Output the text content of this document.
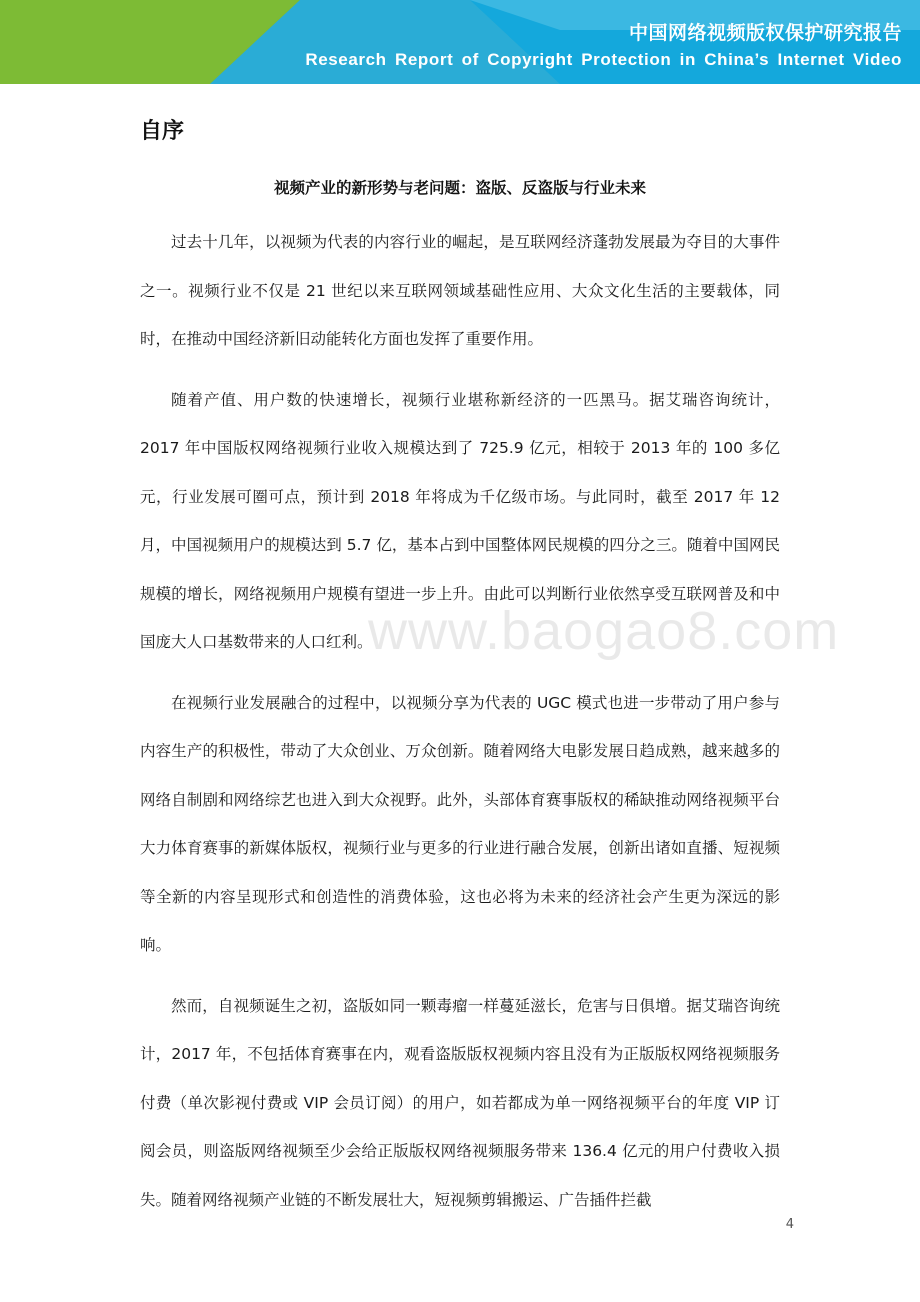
中国网络视频版权保护研究报告
Research Report of Copyright Protection in China’s Internet Video
自序
视频产业的新形势与老问题：盗版、反盗版与行业未来

过去十几年，以视频为代表的内容行业的崛起，是互联网经济蓬勃发展最为夺目的大事件之一。视频行业不仅是 21 世纪以来互联网领域基础性应用、大众文化生活的主要载体，同时，在推动中国经济新旧动能转化方面也发挥了重要作用。

随着产值、用户数的快速增长，视频行业堪称新经济的一匹黑马。据艾瑞咨询统计，2017 年中国版权网络视频行业收入规模达到了 725.9 亿元，相较于 2013 年的 100 多亿元，行业发展可圈可点，预计到 2018 年将成为千亿级市场。与此同时，截至 2017 年 12 月，中国视频用户的规模达到 5.7 亿，基本占到中国整体网民规模的四分之三。随着中国网民规模的增长，网络视频用户规模有望进一步上升。由此可以判断行业依然享受互联网普及和中国庞大人口基数带来的人口红利。

在视频行业发展融合的过程中，以视频分享为代表的 UGC 模式也进一步带动了用户参与内容生产的积极性，带动了大众创业、万众创新。随着网络大电影发展日趋成熟，越来越多的网络自制剧和网络综艺也进入到大众视野。此外，头部体育赛事版权的稀缺推动网络视频平台大力体育赛事的新媒体版权，视频行业与更多的行业进行融合发展，创新出诸如直播、短视频等全新的内容呈现形式和创造性的消费体验，这也必将为未来的经济社会产生更为深远的影响。

然而，自视频诞生之初，盗版如同一颗毒瘤一样蔓延滋长，危害与日俱增。据艾瑞咨询统计，2017 年，不包括体育赛事在内，观看盗版版权视频内容且没有为正版版权网络视频服务付费（单次影视付费或 VIP 会员订阅）的用户，如若都成为单一网络视频平台的年度 VIP 订阅会员，则盗版网络视频至少会给正版版权网络视频服务带来 136.4 亿元的用户付费收入损失。随着网络视频产业链的不断发展壮大，短视频剪辑搬运、广告插件拦截

www.baogao8.com
4
